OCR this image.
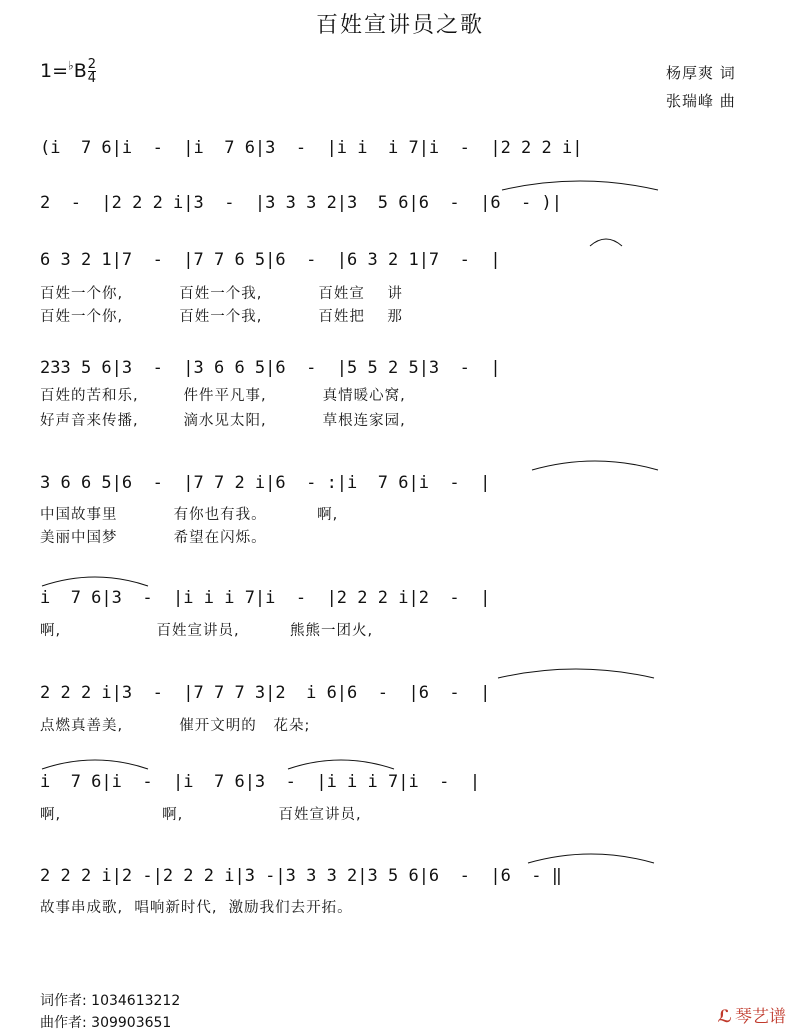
百姓宣讲员之歌
$1=^♭B \frac{2}{4}$	杨厚爽 词
张瑞峰 曲
(i  7 6|i  -  |i  7 6|3  -  |i i  i 7|i  -  |2 2 2 i|
2  -  |2 2 2 i|3  -  |3 3 3 2|3  5 6|6  -  |6  - )|
6 3 2 1|7  -  |7 7 6 5|6  -  |6 3 2 1|7  -  |
百姓一个你,          百姓一个我,          百姓宣    讲
百姓一个你,          百姓一个我,          百姓把    那
233 5 6|3  -  |3 6 6 5|6  -  |5 5 2 5|3  -  |
百姓的苦和乐,        件件平凡事,          真情暖心窝,
好声音来传播,        滴水见太阳,          草根连家园,
3 6 6 5|6  -  |7 7 2 i|6  - :|i  7 6|i  -  |
中国故事里          有你也有我。         啊,
美丽中国梦          希望在闪烁。
i  7 6|3  -  |i i i 7|i  -  |2 2 2 i|2  -  |
啊,                 百姓宣讲员,         熊熊一团火,
2 2 2 i|3  -  |7 7 7 3|2  i 6|6  -  |6  -  |
点燃真善美,          催开文明的   花朵;
i  7 6|i  -  |i  7 6|3  -  |i i i 7|i  -  |
啊,                  啊,                 百姓宣讲员,
2 2 2 i|2 -|2 2 2 i|3 -|3 3 3 2|3 5 6|6  -  |6  - ‖
故事串成歌,  唱响新时代,  激励我们去开拓。
词作者: 1034613212
曲作者: 309903651	ℒ 琴艺谱
